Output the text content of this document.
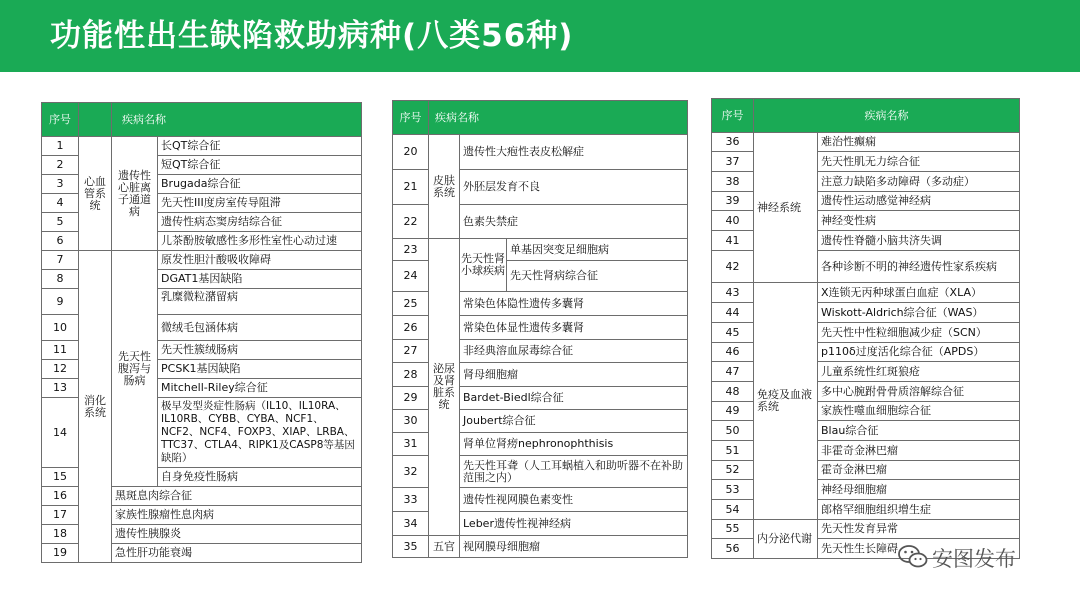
功能性出生缺陷救助病种(八类56种)
序号		疾病名称	
1	心血管系统	遗传性心脏离子通道病	长QT综合征
2			短QT综合征
3			Brugada综合征
4			先天性III度房室传导阻滞
5			遗传性病态窦房结综合征
6			儿茶酚胺敏感性多形性室性心动过速
7	消化系统	先天性腹泻与肠病	原发性胆汁酸吸收障碍
8			DGAT1基因缺陷
9			乳糜微粒潴留病
10			微绒毛包涵体病
11			先天性簇绒肠病
12			PCSK1基因缺陷
13			Mitchell-Riley综合征
14			极早发型炎症性肠病（IL10、IL10RA、IL10RB、CYBB、CYBA、NCF1、NCF2、NCF4、FOXP3、XIAP、LRBA、TTC37、CTLA4、RIPK1及CASP8等基因缺陷）
15			自身免疫性肠病
16		黑斑息肉综合征	
17		家族性腺瘤性息肉病	
18		遗传性胰腺炎	
19		急性肝功能衰竭	
序号	疾病名称		
20	皮肤系统	遗传性大疱性表皮松解症	
21		外胚层发育不良	
22		色素失禁症	
23	泌尿及肾脏系统	先天性肾小球疾病	单基因突变足细胞病
24			先天性肾病综合征
25		常染色体隐性遗传多囊肾	
26		常染色体显性遗传多囊肾	
27		非经典溶血尿毒综合征	
28		肾母细胞瘤	
29		Bardet-Biedl综合征	
30		Joubert综合征	
31		肾单位肾痨nephronophthisis	
32		先天性耳聋（人工耳蜗植入和助听器不在补助范围之内）	
33		遗传性视网膜色素变性	
34		Leber遗传性视神经病	
35	五官	视网膜母细胞瘤	
序号	疾病名称	
36	神经系统	难治性癫痫
37		先天性肌无力综合征
38		注意力缺陷多动障碍（多动症）
39		遗传性运动感觉神经病
40		神经变性病
41		遗传性脊髓小脑共济失调
42		各种诊断不明的神经遗传性家系疾病
43	免疫及血液系统	X连锁无丙种球蛋白血症（XLA）
44		Wiskott-Aldrich综合征（WAS）
45		先天性中性粒细胞减少症（SCN）
46		p110δ过度活化综合征（APDS）
47		儿童系统性红斑狼疮
48		多中心腕跗骨骨质溶解综合征
49		家族性噬血细胞综合征
50		Blau综合征
51		非霍奇金淋巴瘤
52		霍奇金淋巴瘤
53		神经母细胞瘤
54		郎格罕细胞组织增生症
55	内分泌代谢	先天性发育异常
56		先天性生长障碍 安图发布
